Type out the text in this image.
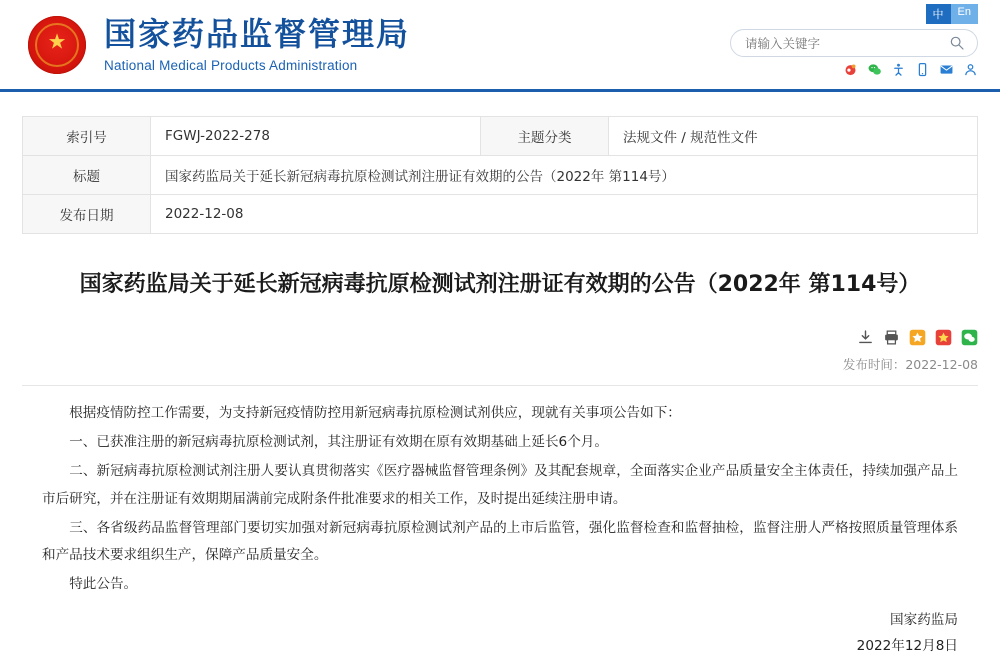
★ 国家药品监督管理局
National Medical Products Administration
中	En
请输入关键字
索引号	FGWJ-2022-278	主题分类	法规文件 / 规范性文件
标题	国家药监局关于延长新冠病毒抗原检测试剂注册证有效期的公告（2022年 第114号）		
发布日期	2022-12-08		
国家药监局关于延长新冠病毒抗原检测试剂注册证有效期的公告（2022年 第114号）
发布时间：2022-12-08

根据疫情防控工作需要，为支持新冠疫情防控用新冠病毒抗原检测试剂供应，现就有关事项公告如下：

一、已获准注册的新冠病毒抗原检测试剂，其注册证有效期在原有效期基础上延长6个月。

二、新冠病毒抗原检测试剂注册人要认真贯彻落实《医疗器械监督管理条例》及其配套规章，全面落实企业产品质量安全主体责任，持续加强产品上市后研究，并在注册证有效期期届满前完成附条件批准要求的相关工作，及时提出延续注册申请。

三、各省级药品监督管理部门要切实加强对新冠病毒抗原检测试剂产品的上市后监管，强化监督检查和监督抽检，监督注册人严格按照质量管理体系和产品技术要求组织生产，保障产品质量安全。

特此公告。

国家药监局
2022年12月8日
